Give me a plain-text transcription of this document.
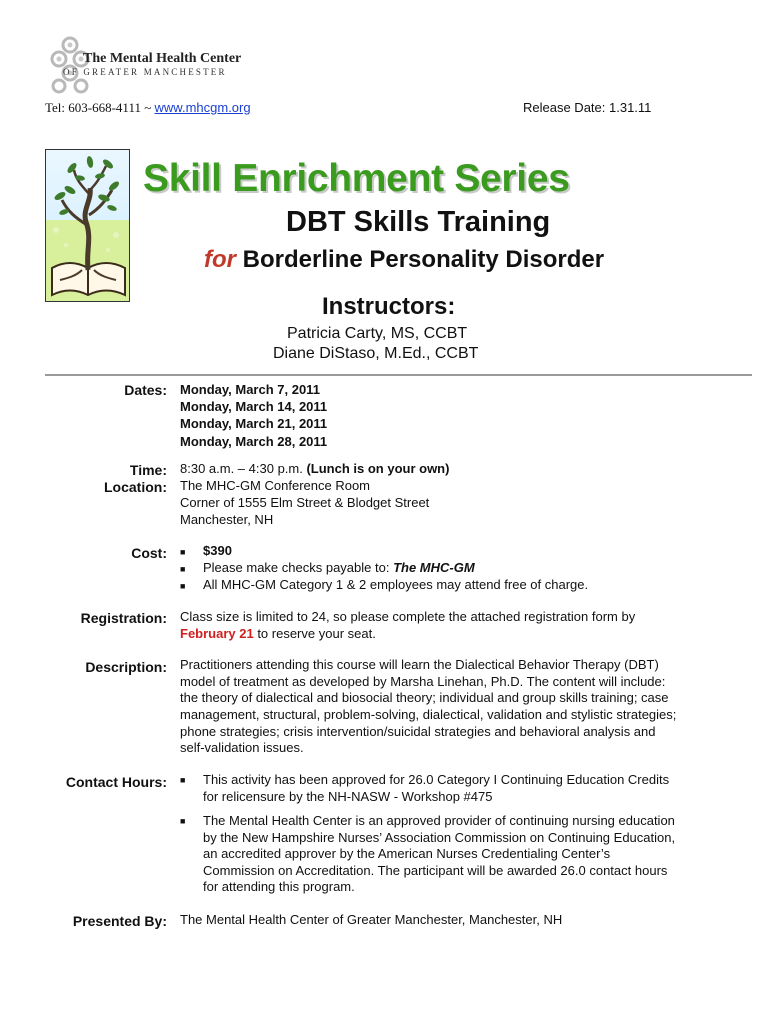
The Mental Health Center
OF GREATER MANCHESTER
Tel: 603-668-4111 ~ www.mhcgm.org	Release Date: 1.31.11
Skill Enrichment Series
DBT Skills Training
for Borderline Personality Disorder
Instructors:
Patricia Carty, MS, CCBT
Diane DiStaso, M.Ed., CCBT
Dates: Monday, March 7, 2011
Monday, March 14, 2011
Monday, March 21, 2011
Monday, March 28, 2011
Time: 8:30 a.m. – 4:30 p.m. (Lunch is on your own)
Location: The MHC-GM Conference Room
Corner of 1555 Elm Street & Blodget Street
Manchester, NH
Cost: ■ $390
■ Please make checks payable to: The MHC-GM
■ All MHC-GM Category 1 & 2 employees may attend free of charge.
Registration: Class size is limited to 24, so please complete the attached registration form by
February 21 to reserve your seat.
Description: Practitioners attending this course will learn the Dialectical Behavior Therapy (DBT)
model of treatment as developed by Marsha Linehan, Ph.D. The content will include:
the theory of dialectical and biosocial theory; individual and group skills training; case
management, structural, problem-solving, dialectical, validation and stylistic strategies;
phone strategies; crisis intervention/suicidal strategies and behavioral analysis and
self-validation issues.
Contact Hours: ■ This activity has been approved for 26.0 Category I Continuing Education Credits
for relicensure by the NH-NASW - Workshop #475
■ The Mental Health Center is an approved provider of continuing nursing education
by the New Hampshire Nurses’ Association Commission on Continuing Education,
an accredited approver by the American Nurses Credentialing Center’s
Commission on Accreditation. The participant will be awarded 26.0 contact hours
for attending this program.
Presented By: The Mental Health Center of Greater Manchester, Manchester, NH
